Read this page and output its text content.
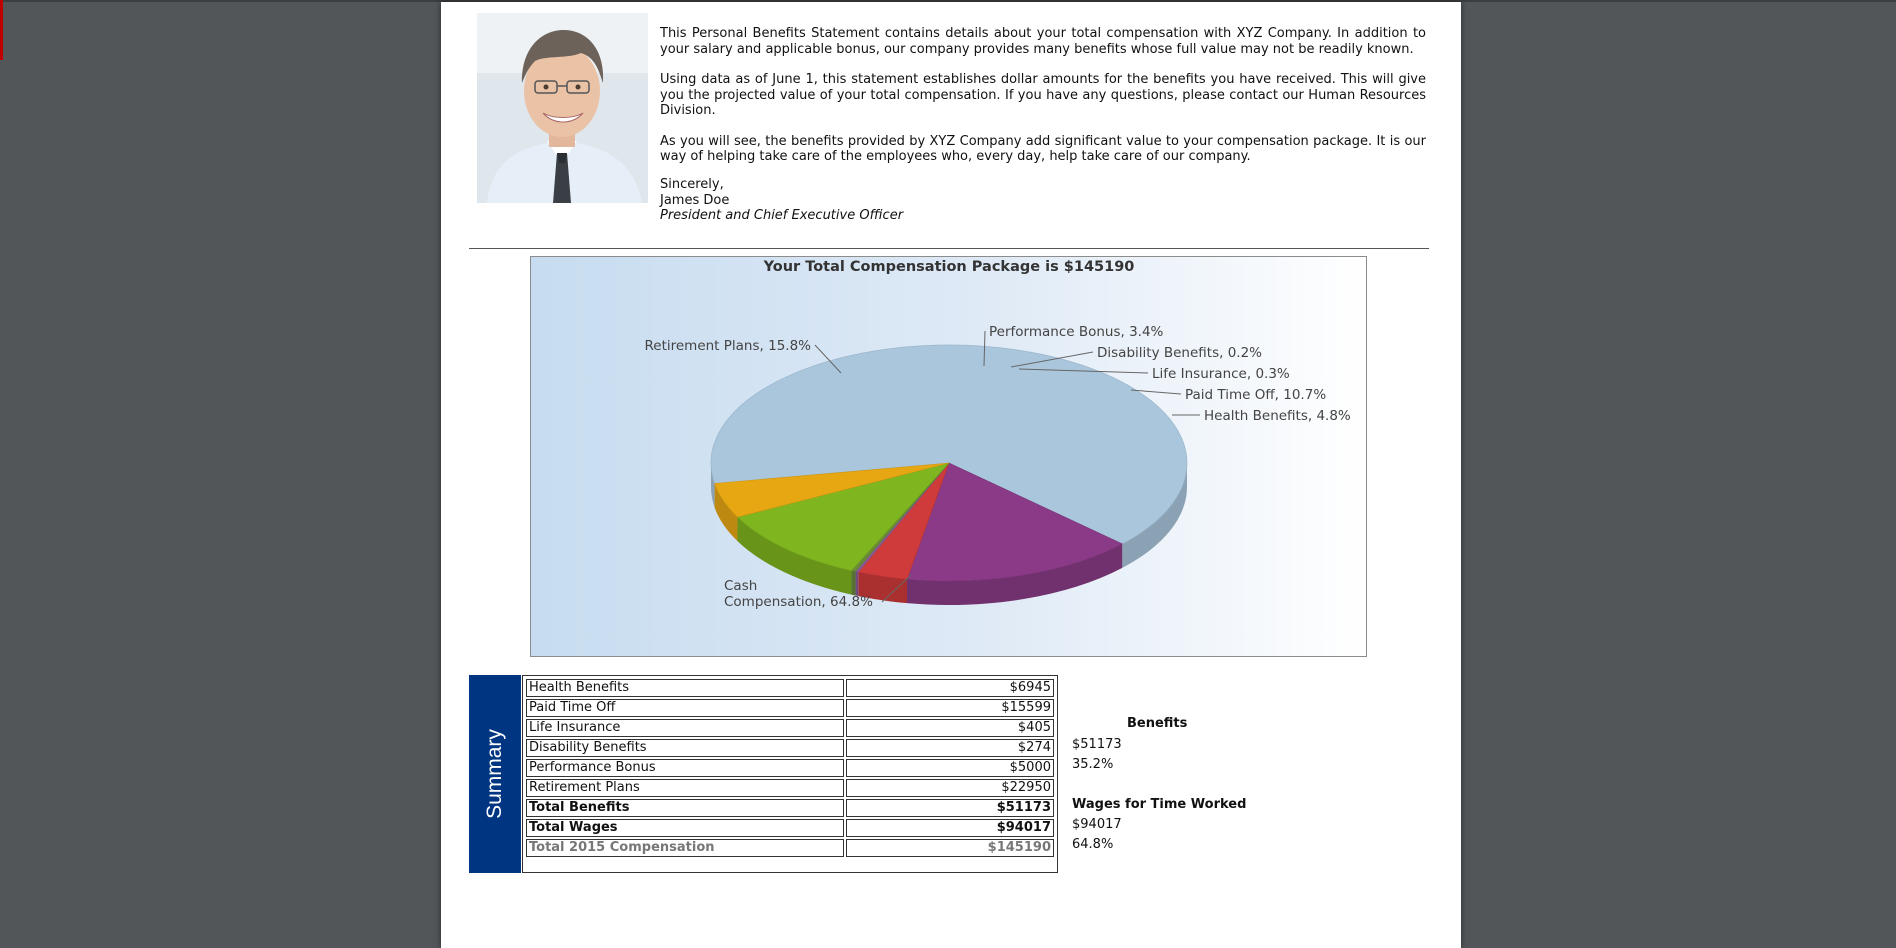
This Personal Benefits Statement contains details about your total compensation with XYZ Company. In addition to your salary and applicable bonus, our company provides many benefits whose full value may not be readily known.

Using data as of June 1, this statement establishes dollar amounts for the benefits you have received. This will give you the projected value of your total compensation. If you have any questions, please contact our Human Resources Division.

As you will see, the benefits provided by XYZ Company add significant value to your compensation package. It is our way of helping take care of the employees who, every day, help take care of our company.

Sincerely,
James Doe
President and Chief Executive Officer
Your Total Compensation Package is $145190
Cash Compensation, 64.8%
Retirement Plans, 15.8%
Performance Bonus, 3.4%
Disability Benefits, 0.2%
Life Insurance, 0.3%
Paid Time Off, 10.7%
Health Benefits, 4.8%
Summary
Health Benefits	$6945
Paid Time Off	$15599
Life Insurance	$405
Disability Benefits	$274
Performance Bonus	$5000
Retirement Plans	$22950
Total Benefits	$51173
Total Wages	$94017
Total 2015 Compensation	$145190
Benefits
$51173
35.2%
Wages for Time Worked
$94017
64.8%
